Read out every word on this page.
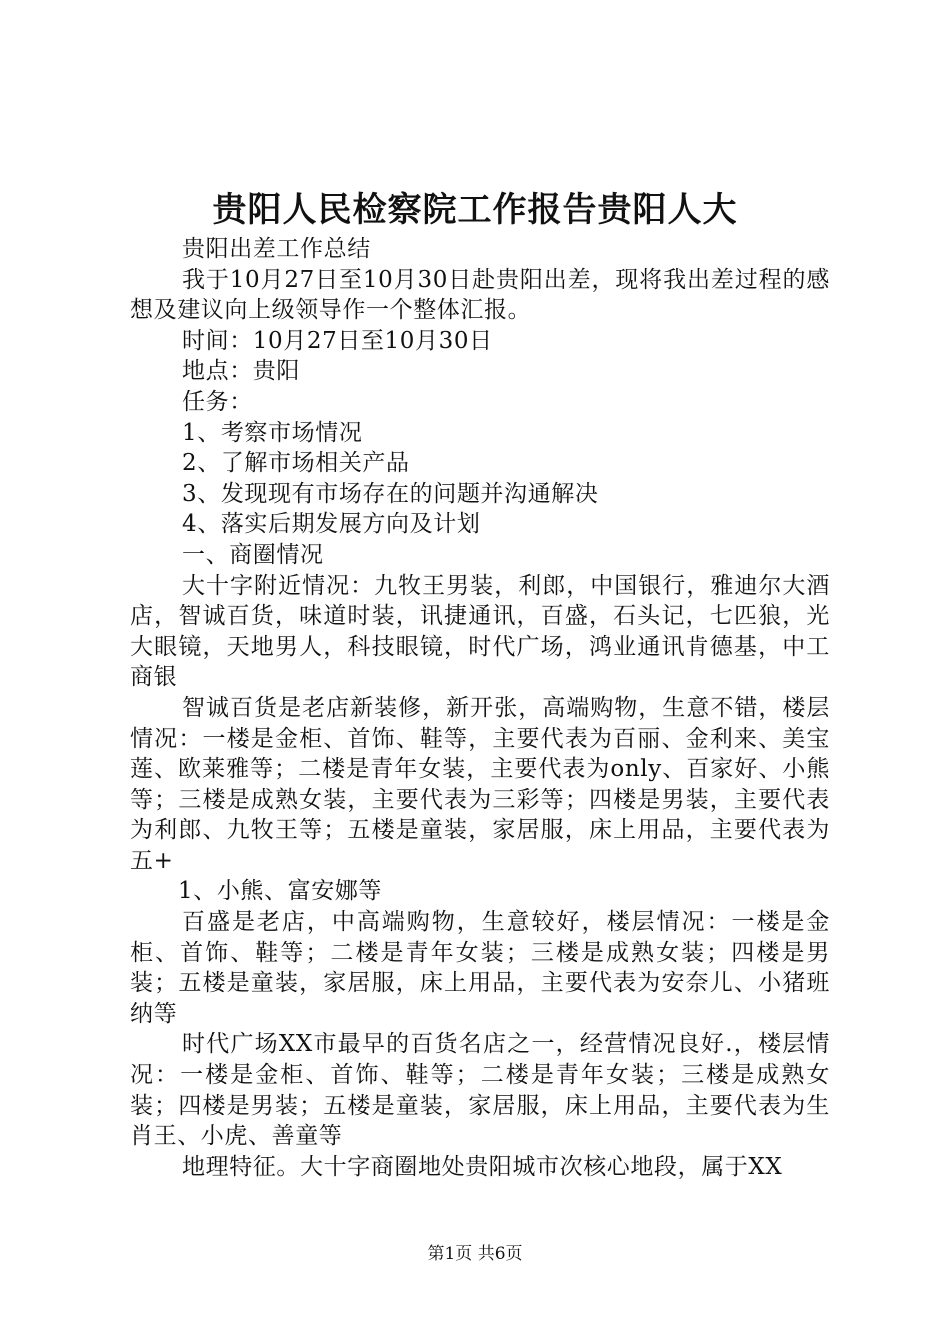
贵阳人民检察院工作报告贵阳人大

贵阳出差工作总结

我于10月27日至10月30日赴贵阳出差，现将我出差过程的感想及建议向上级领导作一个整体汇报。

时间：10月27日至10月30日

地点：贵阳

任务：

1、考察市场情况

2、了解市场相关产品

3、发现现有市场存在的问题并沟通解决

4、落实后期发展方向及计划

一、商圈情况

大十字附近情况：九牧王男装，利郎，中国银行，雅迪尔大酒店，智诚百货，味道时装，讯捷通讯，百盛，石头记，七匹狼，光大眼镜，天地男人，科技眼镜，时代广场，鸿业通讯肯德基，中工商银

智诚百货是老店新装修，新开张，高端购物，生意不错，楼层情况：一楼是金柜、首饰、鞋等，主要代表为百丽、金利来、美宝莲、欧莱雅等；二楼是青年女装，主要代表为only、百家好、小熊等；三楼是成熟女装，主要代表为三彩等；四楼是男装，主要代表为利郎、九牧王等；五楼是童装，家居服，床上用品，主要代表为五+

1、小熊、富安娜等

百盛是老店，中高端购物，生意较好，楼层情况：一楼是金柜、首饰、鞋等；二楼是青年女装；三楼是成熟女装；四楼是男装；五楼是童装，家居服，床上用品，主要代表为安奈儿、小猪班纳等

时代广场XX市最早的百货名店之一，经营情况良好.，楼层情况：一楼是金柜、首饰、鞋等；二楼是青年女装；三楼是成熟女装；四楼是男装；五楼是童装，家居服，床上用品，主要代表为生肖王、小虎、善童等

地理特征。大十字商圈地处贵阳城市次核心地段，属于XX

第1页 共6页
